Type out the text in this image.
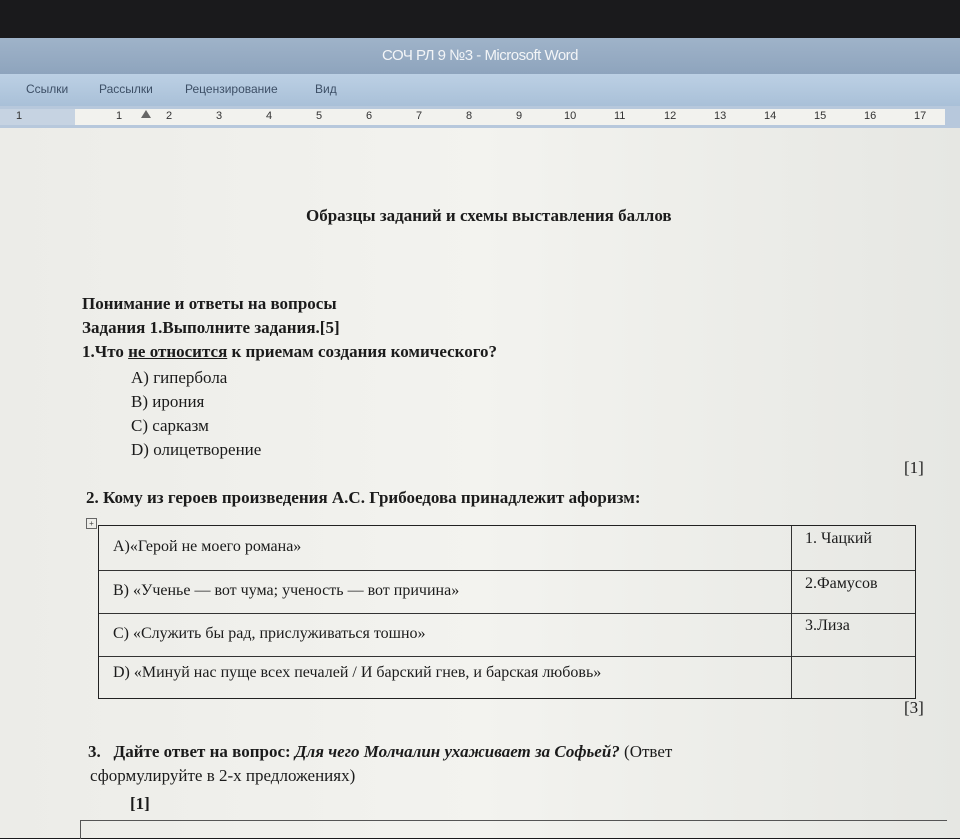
СОЧ РЛ 9 №3 - Microsoft Word
Ссылки	Рассылки	Рецензирование	Вид
1	1	2	3	4	5	6	7	8	9	10	11	12	13	14	15	16	17
Образцы заданий и схемы выставления баллов
Понимание и ответы на вопросы
Задания 1.Выполните задания.[5]
1.Что не относится к приемам создания комического?
А) гипербола
В) ирония
С) сарказм
D) олицетворение
[1]
2. Кому из героев произведения А.С. Грибоедова принадлежит афоризм:
+
А)«Герой не моего романа»	1. Чацкий
В) «Ученье — вот чума; ученость — вот причина»	2.Фамусов
С) «Служить бы рад, прислуживаться тошно»	3.Лиза
D) «Минуй нас пуще всех печалей / И барский гнев, и барская любовь»
[3]
3. Дайте ответ на вопрос: Для чего Молчалин ухаживает за Софьей? (Ответ
сформулируйте в 2-х предложениях)
[1]
